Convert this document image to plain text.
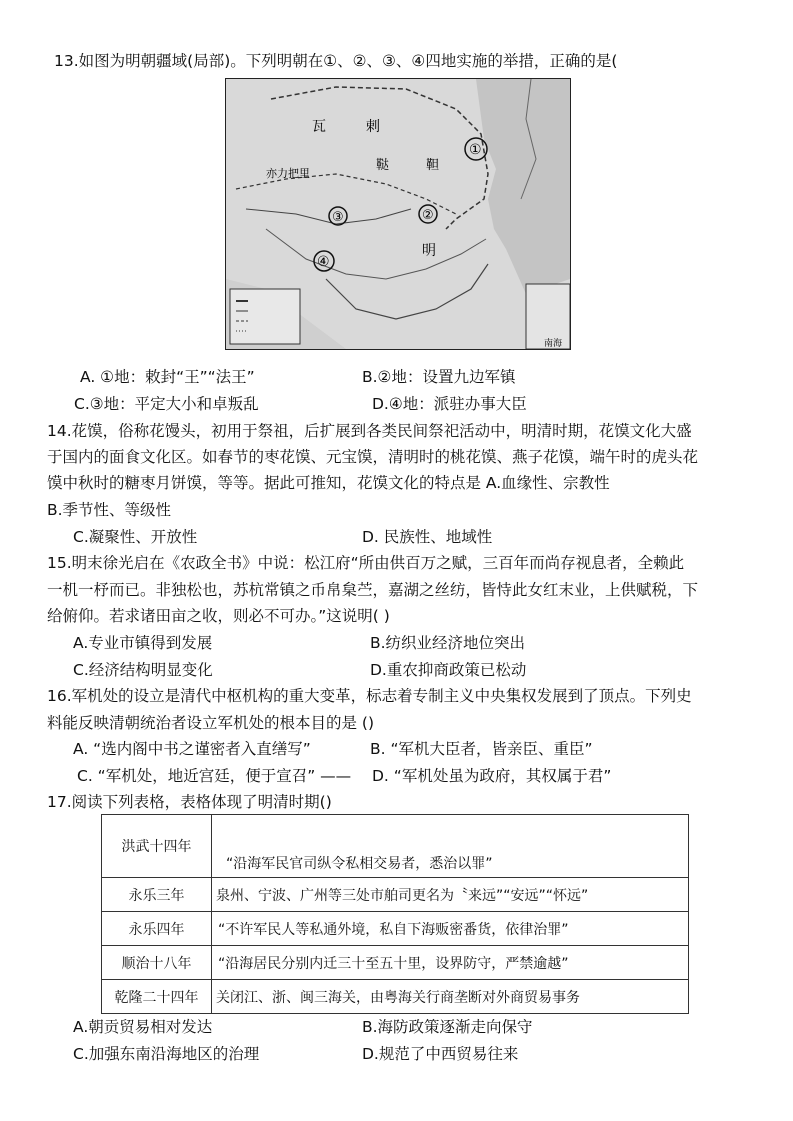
13.如图为明朝疆域(局部)。下列明朝在①、②、③、④四地实施的举措，正确的是(
瓦	剌
鞑	靼
亦力把里
明
①
②
③
④
南海
A. ①地：敕封“王”“法王”	B.②地：设置九边军镇
C.③地：平定大小和卓叛乱	D.④地：派驻办事大臣
14.花馍，俗称花馒头，初用于祭祖，后扩展到各类民间祭祀活动中，明清时期，花馍文化大盛
于国内的面食文化区。如春节的枣花馍、元宝馍，清明时的桃花馍、燕子花馍，端午时的虎头花
馍中秋时的糖枣月饼馍，等等。据此可推知，花馍文化的特点是 A.血缘性、宗教性
B.季节性、等级性
C.凝聚性、开放性	D. 民族性、地域性
15.明末徐光启在《农政全书》中说：松江府“所由供百万之赋，三百年而尚存视息者，全赖此
一机一杼而已。非独松也，苏杭常镇之币帛枲苎，嘉湖之丝纺，皆恃此女红末业，上供赋税，下
给俯仰。若求诸田亩之收，则必不可办。”这说明( )
A.专业市镇得到发展	B.纺织业经济地位突出
C.经济结构明显变化	D.重农抑商政策已松动
16.军机处的设立是清代中枢机构的重大变革，标志着专制主义中央集权发展到了顶点。下列史
料能反映清朝统治者设立军机处的根本目的是 ()
A. “选内阁中书之谨密者入直缮写”	B. “军机大臣者，皆亲臣、重臣”
C. “军机处，地近宫廷，便于宣召” —— D. “军机处虽为政府，其权属于君”
17.阅读下列表格，表格体现了明清时期()
洪武十四年	“沿海军民官司纵令私相交易者，悉治以罪”
永乐三年	泉州、宁波、广州等三处市舶司更名为〝来远”“安远”“怀远”
永乐四年	“不许军民人等私通外境，私自下海贩密番货，依律治罪”
顺治十八年	“沿海居民分别内迁三十至五十里，设界防守，严禁逾越”
乾隆二十四年	关闭江、浙、闽三海关，由粤海关行商垄断对外商贸易事务
A.朝贡贸易相对发达	B.海防政策逐渐走向保守
C.加强东南沿海地区的治理	D.规范了中西贸易往来
